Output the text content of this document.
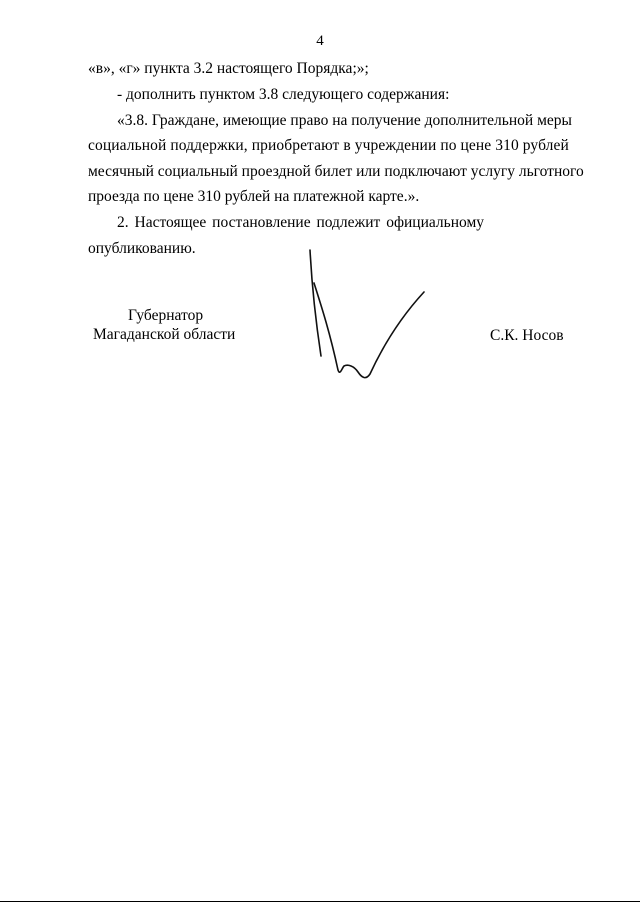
4
«в», «г» пункта 3.2 настоящего Порядка;»;
- дополнить пунктом 3.8 следующего содержания:
«3.8. Граждане, имеющие право на получение дополнительной меры
социальной поддержки, приобретают в учреждении по цене 310 рублей
месячный социальный проездной билет или подключают услугу льготного
проезда по цене 310 рублей на платежной карте.».
2. Настоящее постановление подлежит официальному
опубликованию.
Губернатор
Магаданской области	С.К. Носов
